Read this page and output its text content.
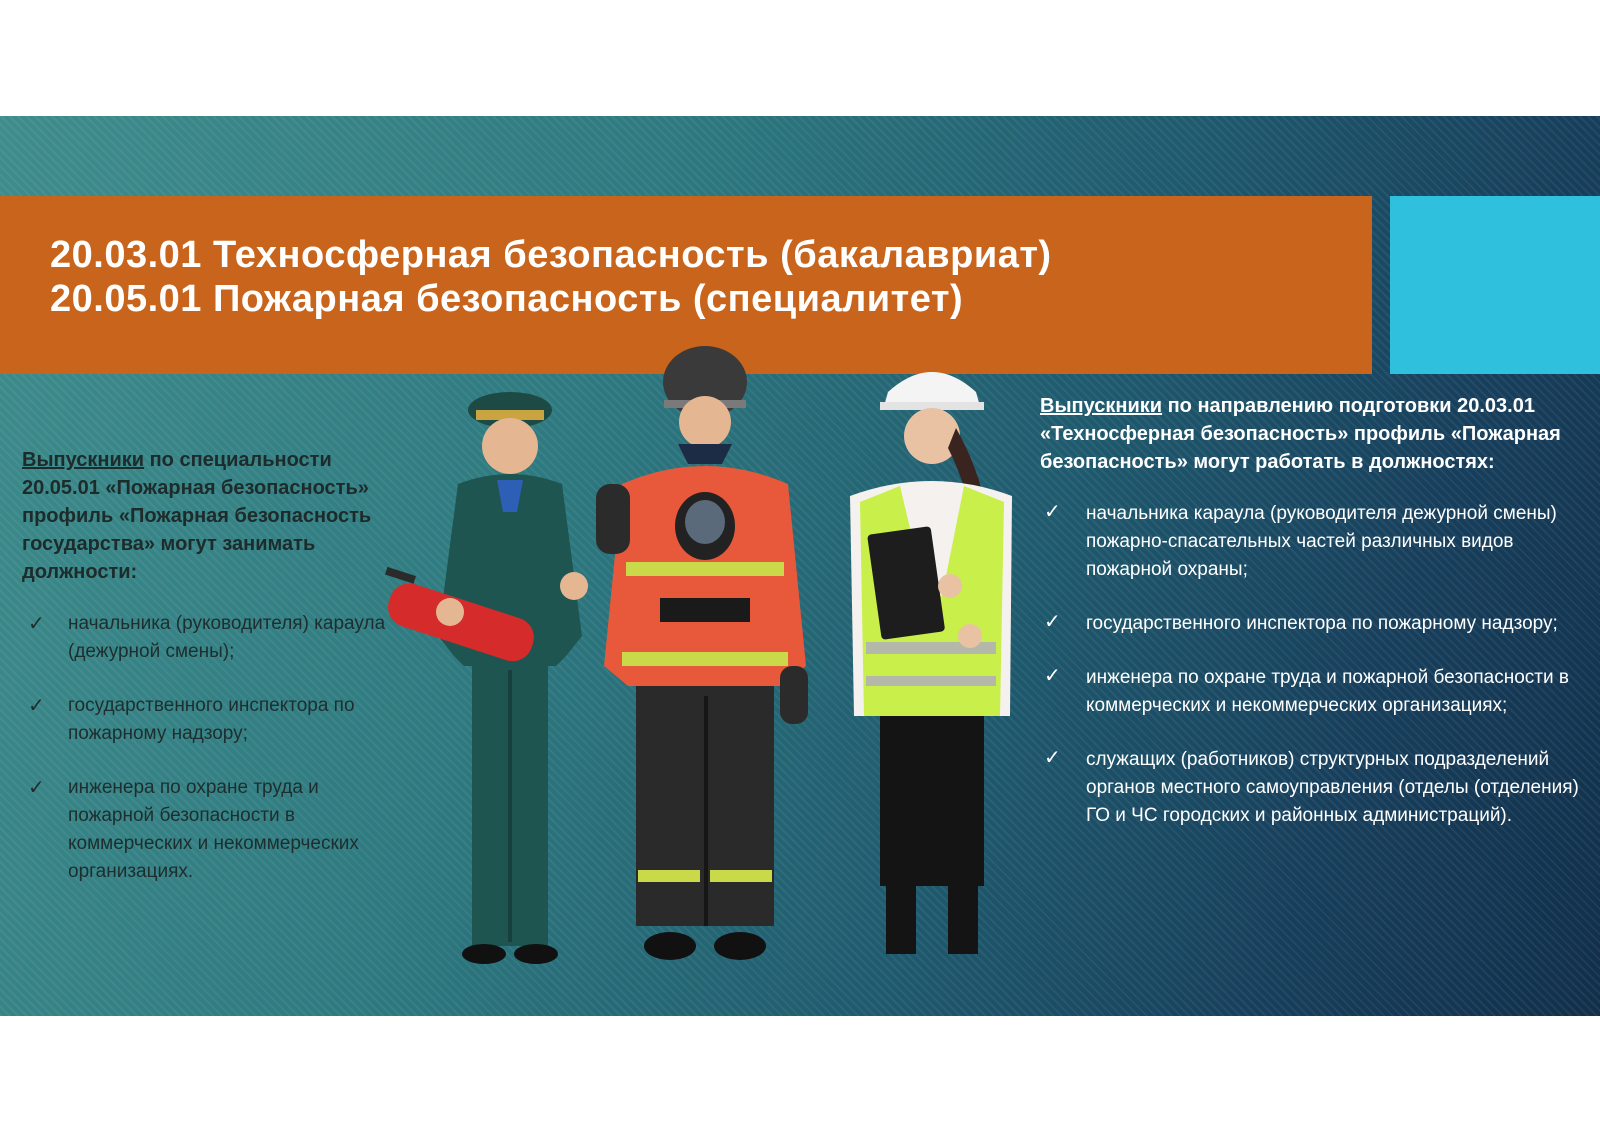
20.03.01 Техносферная безопасность (бакалавриат)
20.05.01 Пожарная безопасность (специалитет)
Выпускники по специальности 20.05.01 «Пожарная безопасность» профиль «Пожарная безопасность государства» могут занимать должности:
✓ начальника (руководителя) караула (дежурной смены);
✓ государственного инспектора по пожарному надзору;
✓ инженера по охране труда и пожарной безопасности в коммерческих и некоммерческих организациях.
Выпускники по направлению подготовки 20.03.01 «Техносферная безопасность» профиль «Пожарная безопасность» могут работать в должностях:
✓ начальника караула (руководителя дежурной смены) пожарно-спасательных частей различных видов пожарной охраны;
✓ государственного инспектора по пожарному надзору;
✓ инженера по охране труда и пожарной безопасности в коммерческих и некоммерческих организациях;
✓ служащих (работников) структурных подразделений органов местного самоуправления (отделы (отделения) ГО и ЧС городских и районных администраций).
